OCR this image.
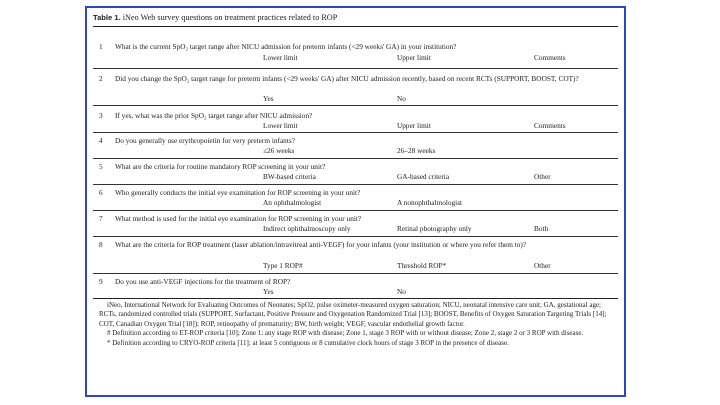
Table 1. iNeo Web survey questions on treatment practices related to ROP
1 What is the current SpO₂ target range after NICU admission for preterm infants (<29 weeks' GA) in your institution?
Lower limit	Upper limit	Comments
2 Did you change the SpO₂ target range for preterm infants (<29 weeks' GA) after NICU admission recently, based on recent RCTs (SUPPORT, BOOST, COT)?
Yes	No
3 If yes, what was the prior SpO₂ target range after NICU admission?
Lower limit	Upper limit	Comments
4 Do you generally use erythropoietin for very preterm infants?
≤26 weeks	26–28 weeks
5 What are the criteria for routine mandatory ROP screening in your unit?
BW-based criteria	GA-based criteria	Other
6 Who generally conducts the initial eye examination for ROP screening in your unit?
An ophthalmologist	A nonophthalmologist
7 What method is used for the initial eye examination for ROP screening in your unit?
Indirect ophthalmoscopy only	Retinal photography only	Both
8 What are the criteria for ROP treatment (laser ablation/intravitreal anti-VEGF) for your infants (your institution or where you refer them to)?
Type 1 ROP#	Threshold ROP*	Other
9 Do you use anti-VEGF injections for the treatment of ROP?
Yes	No

iNeo, International Network for Evaluating Outcomes of Neonates; SpO2, pulse oximeter-measured oxygen saturation; NICU, neonatal intensive care unit; GA, gestational age; RCTs, randomized controlled trials (SUPPORT, Surfactant, Positive Pressure and Oxygenation Randomized Trial [13]; BOOST, Benefits of Oxygen Saturation Targeting Trials [14]; COT, Canadian Oxygen Trial [18]); ROP, retinopathy of prematurity; BW, birth weight; VEGF, vascular endothelial growth factor.

# Definition according to ET-ROP criteria [10]; Zone 1: any stage ROP with disease; Zone 1, stage 3 ROP with or without disease; Zone 2, stage 2 or 3 ROP with disease.

* Definition according to CRYO-ROP criteria [11]: at least 5 contiguous or 8 cumulative clock hours of stage 3 ROP in the presence of disease.
